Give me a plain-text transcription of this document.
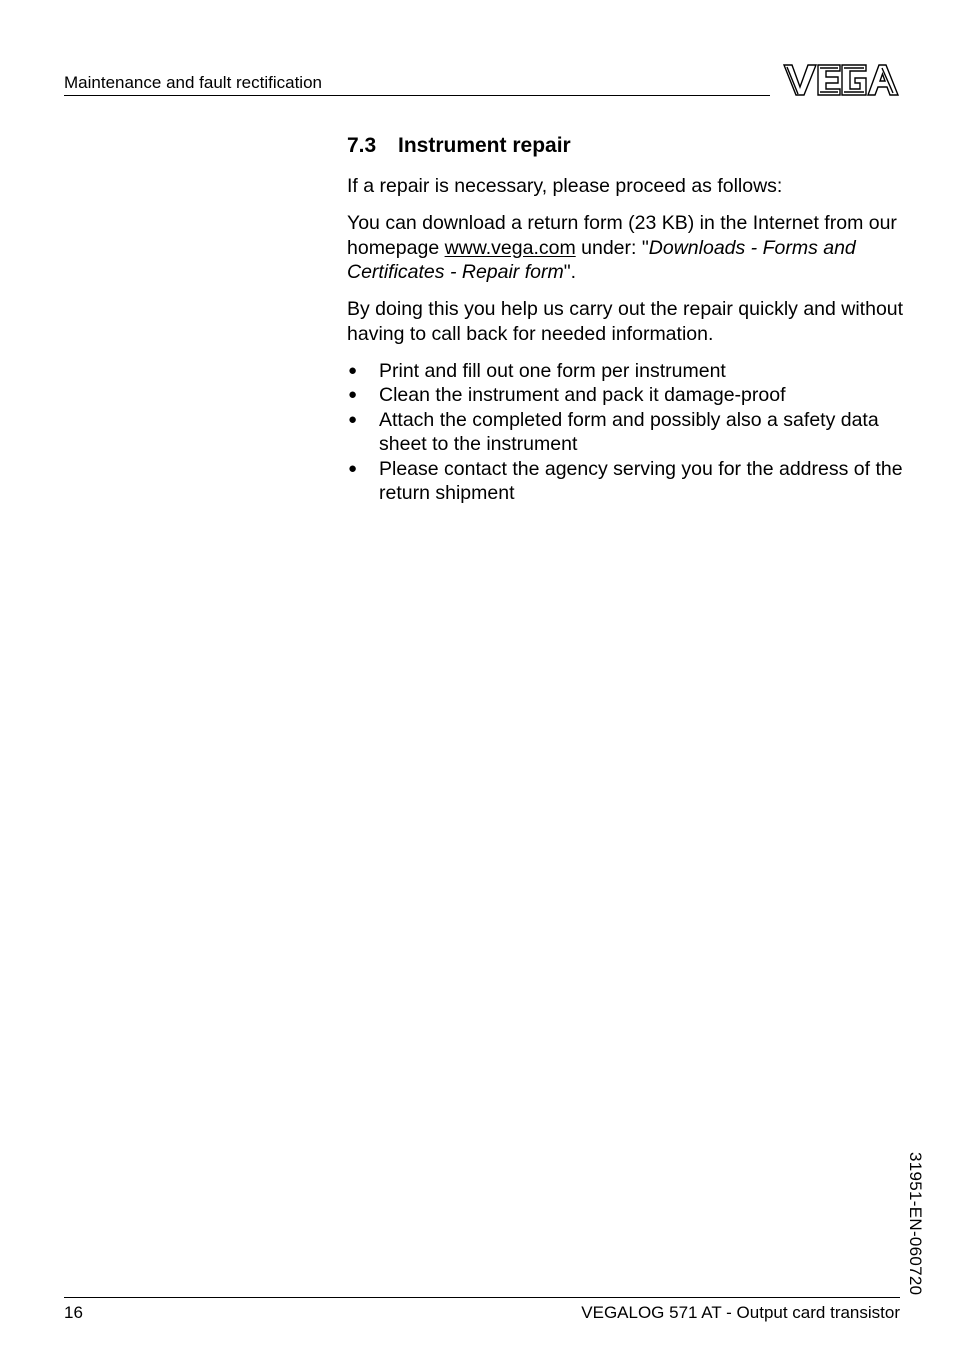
Maintenance and fault rectification
7.3 Instrument repair

If a repair is necessary, please proceed as follows:

You can download a return form (23 KB) in the Internet from our homepage www.vega.com under: "Downloads - Forms and Certificates - Repair form".

By doing this you help us carry out the repair quickly and without having to call back for needed information.

● Print and fill out one form per instrument
● Clean the instrument and pack it damage-proof
● Attach the completed form and possibly also a safety data sheet to the instrument
● Please contact the agency serving you for the address of the return shipment
31951-EN-060720
16	VEGALOG 571 AT - Output card transistor
